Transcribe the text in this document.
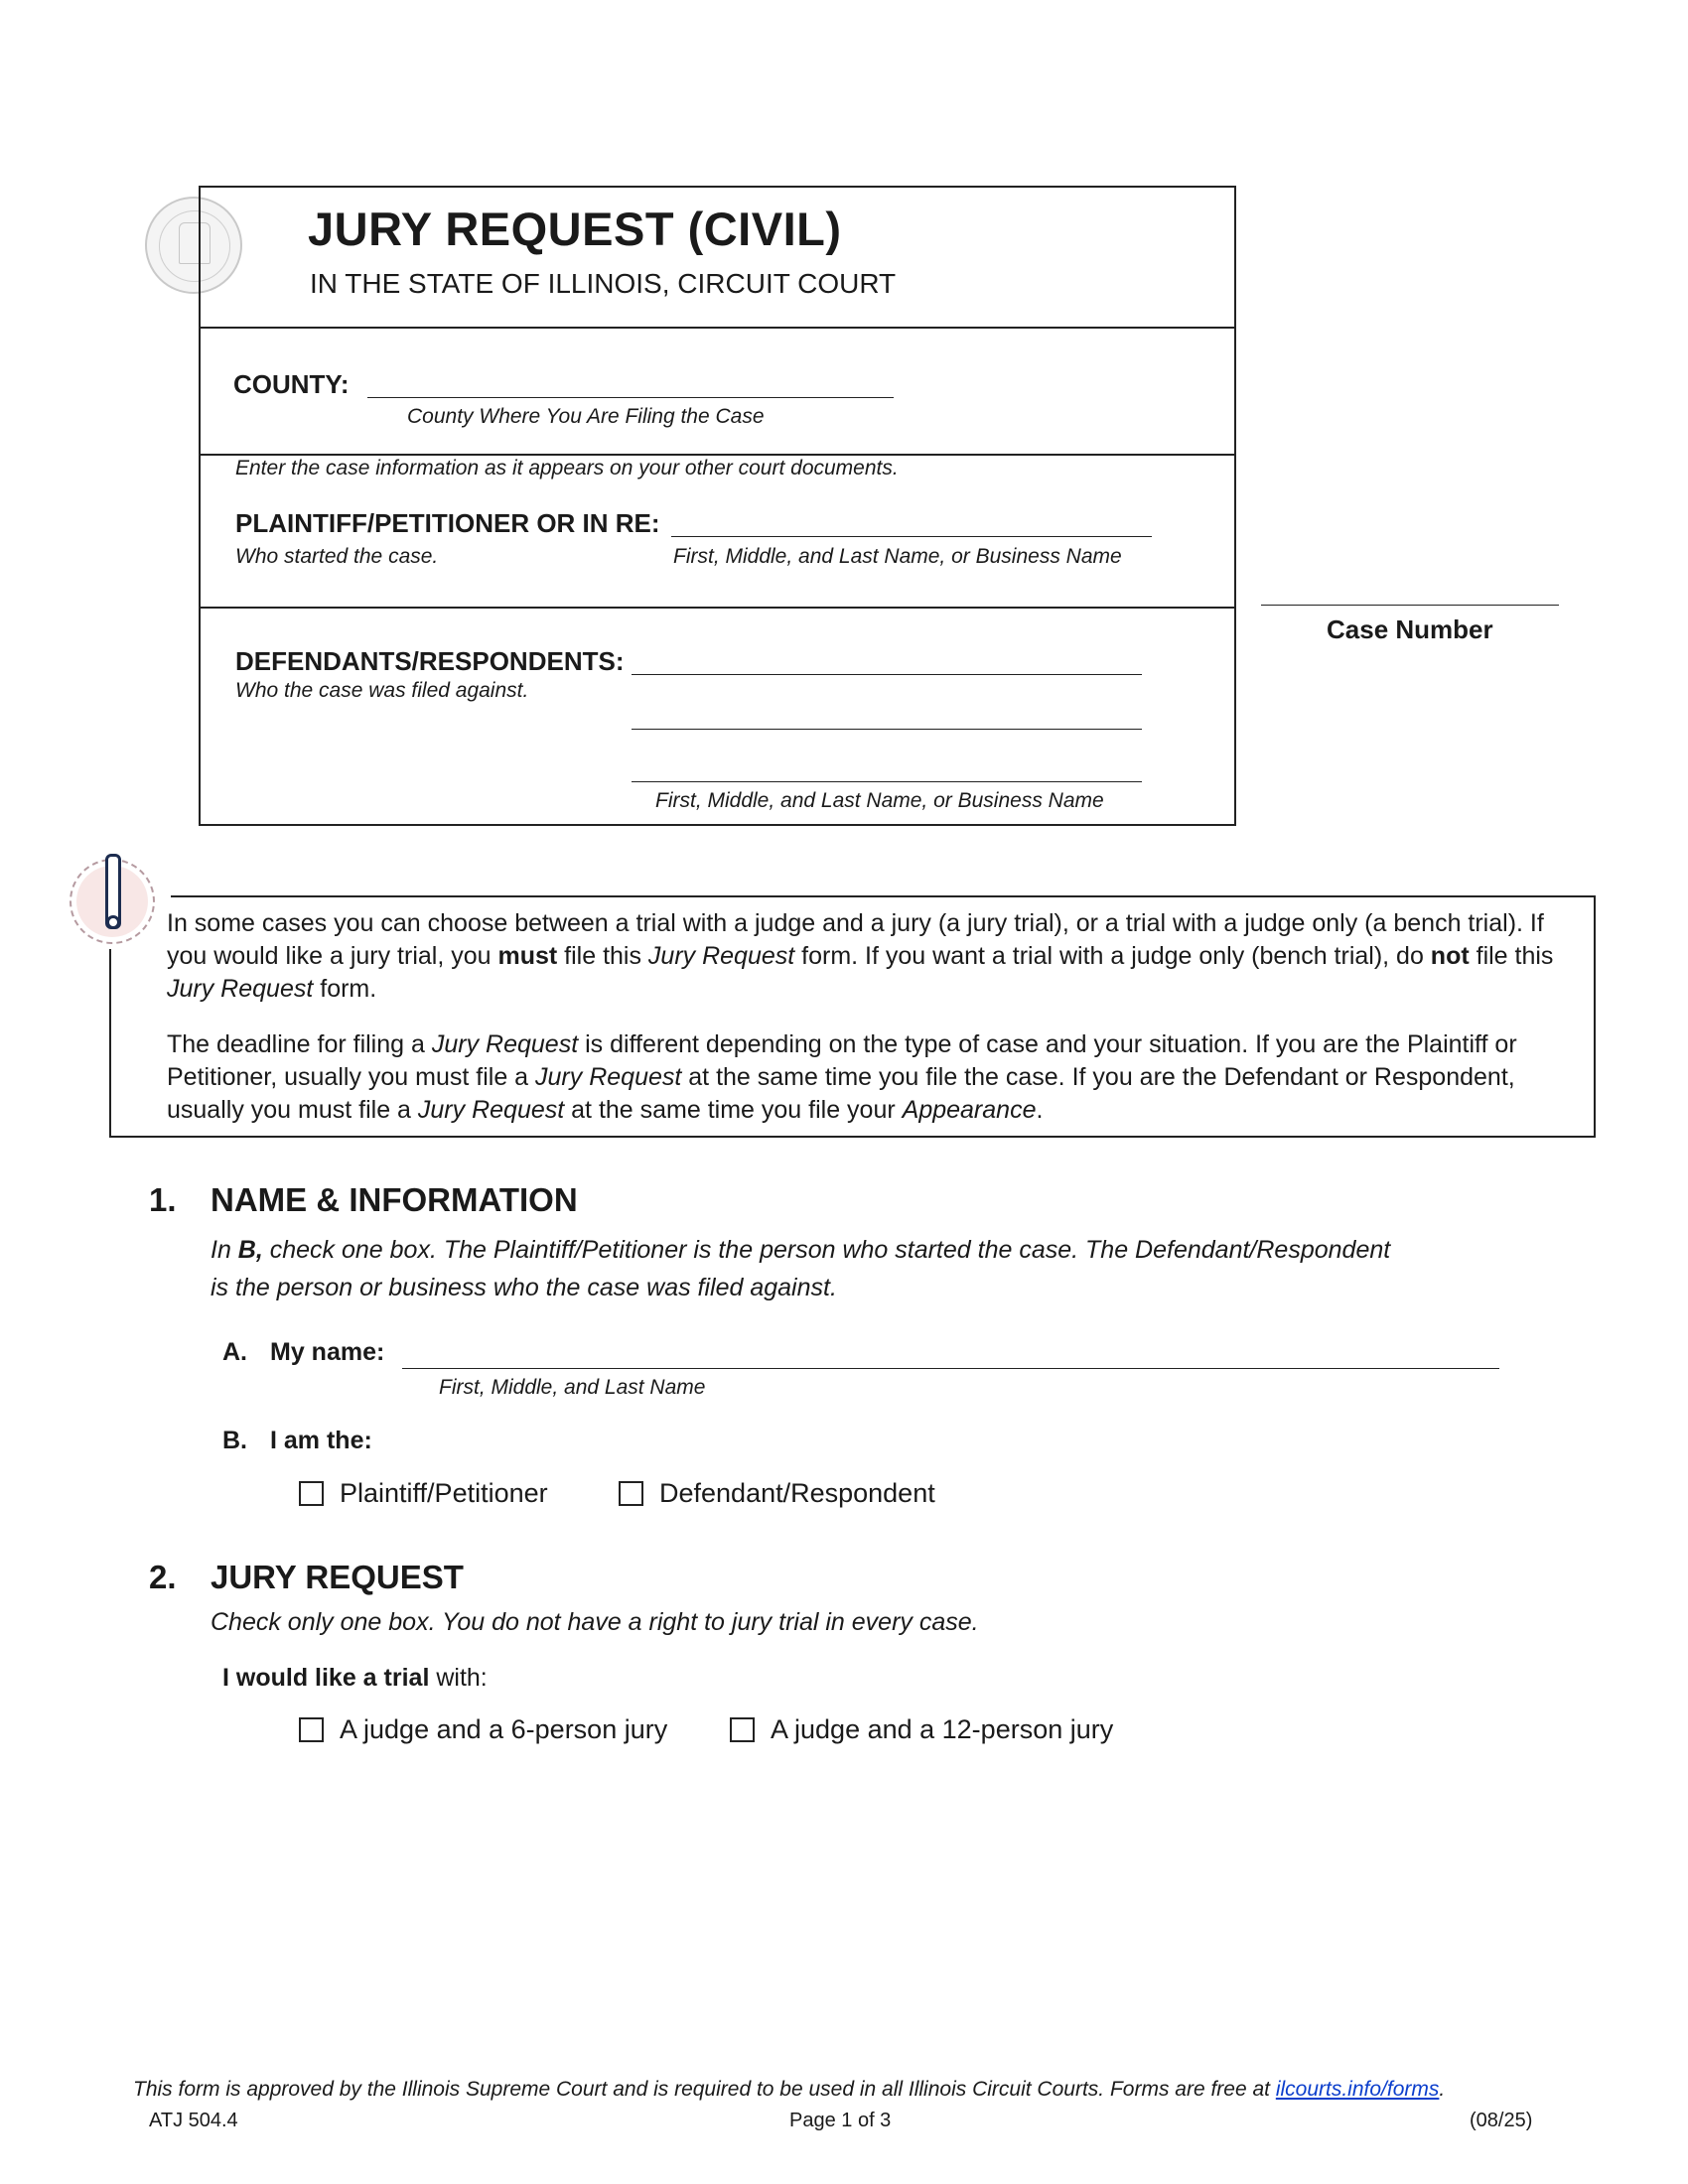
JURY REQUEST (CIVIL)
IN THE STATE OF ILLINOIS, CIRCUIT COURT
COUNTY:
County Where You Are Filing the Case
Enter the case information as it appears on your other court documents.
PLAINTIFF/PETITIONER OR IN RE:
Who started the case.	First, Middle, and Last Name, or Business Name
DEFENDANTS/RESPONDENTS:
Who the case was filed against.
First, Middle, and Last Name, or Business Name
Case Number
In some cases you can choose between a trial with a judge and a jury (a jury trial), or a trial with a judge only (a bench trial). If you would like a jury trial, you must file this Jury Request form. If you want a trial with a judge only (bench trial), do not file this Jury Request form.
The deadline for filing a Jury Request is different depending on the type of case and your situation. If you are the Plaintiff or Petitioner, usually you must file a Jury Request at the same time you file the case. If you are the Defendant or Respondent, usually you must file a Jury Request at the same time you file your Appearance.
1. NAME & INFORMATION
In B, check one box. The Plaintiff/Petitioner is the person who started the case. The Defendant/Respondent
is the person or business who the case was filed against.
A. My name:
First, Middle, and Last Name
B. I am the:
Plaintiff/Petitioner	Defendant/Respondent
2. JURY REQUEST
Check only one box. You do not have a right to jury trial in every case.
I would like a trial with:
A judge and a 6-person jury	A judge and a 12-person jury
This form is approved by the Illinois Supreme Court and is required to be used in all Illinois Circuit Courts. Forms are free at ilcourts.info/forms.
ATJ 504.4	Page 1 of 3	(08/25)
